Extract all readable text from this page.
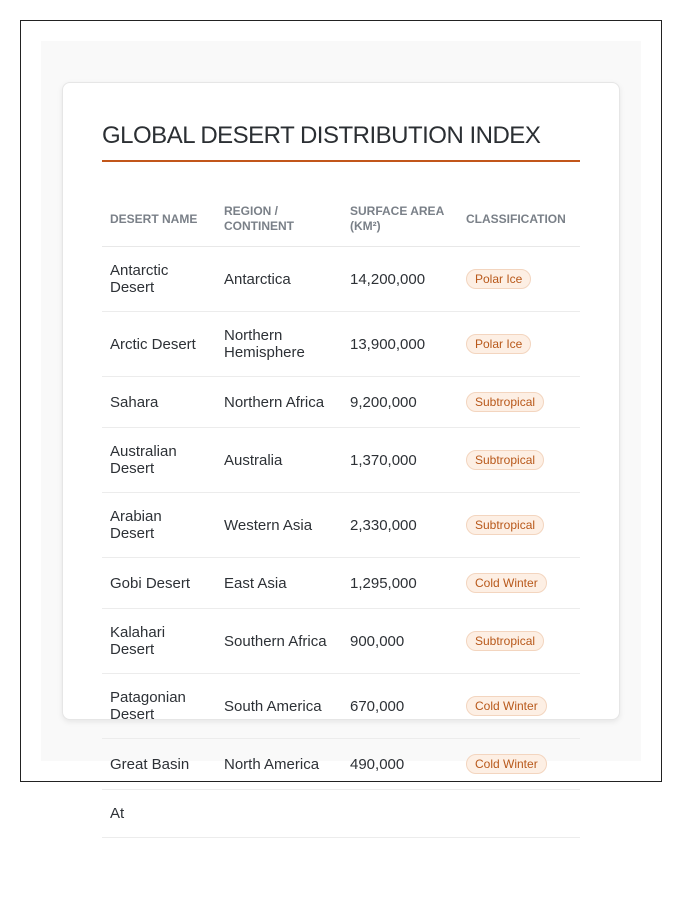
GLOBAL DESERT DISTRIBUTION INDEX
DESERT NAME	REGION / CONTINENT	SURFACE AREA (KM²)	CLASSIFICATION
Antarctic Desert	Antarctica	14,200,000	Polar Ice
Arctic Desert	Northern Hemisphere	13,900,000	Polar Ice
Sahara	Northern Africa	9,200,000	Subtropical
Australian Desert	Australia	1,370,000	Subtropical
Arabian Desert	Western Asia	2,330,000	Subtropical
Gobi Desert	East Asia	1,295,000	Cold Winter
Kalahari Desert	Southern Africa	900,000	Subtropical
Patagonian Desert	South America	670,000	Cold Winter
Great Basin	North America	490,000	Cold Winter
At			
